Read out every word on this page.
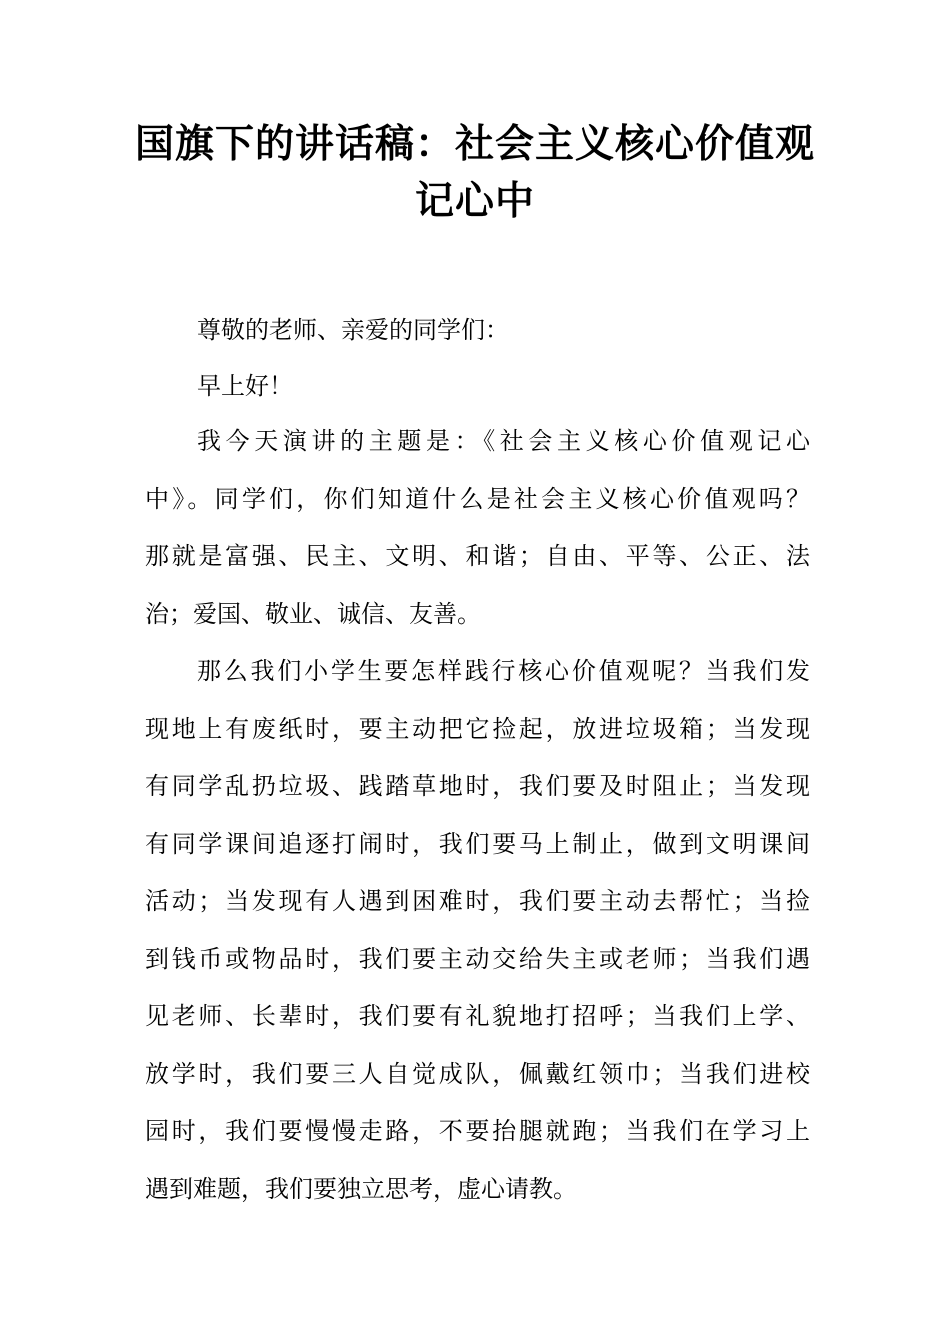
国旗下的讲话稿：社会主义核心价值观
记心中
尊敬的老师、亲爱的同学们：
早上好！
我今天演讲的主题是：《社会主义核心价值观记心
中》。同学们，你们知道什么是社会主义核心价值观吗？
那就是富强、民主、文明、和谐；自由、平等、公正、法
治；爱国、敬业、诚信、友善。
那么我们小学生要怎样践行核心价值观呢？当我们发
现地上有废纸时，要主动把它捡起，放进垃圾箱；当发现
有同学乱扔垃圾、践踏草地时，我们要及时阻止；当发现
有同学课间追逐打闹时，我们要马上制止，做到文明课间
活动；当发现有人遇到困难时，我们要主动去帮忙；当捡
到钱币或物品时，我们要主动交给失主或老师；当我们遇
见老师、长辈时，我们要有礼貌地打招呼；当我们上学、
放学时，我们要三人自觉成队，佩戴红领巾；当我们进校
园时，我们要慢慢走路，不要抬腿就跑；当我们在学习上
遇到难题，我们要独立思考，虚心请教。
